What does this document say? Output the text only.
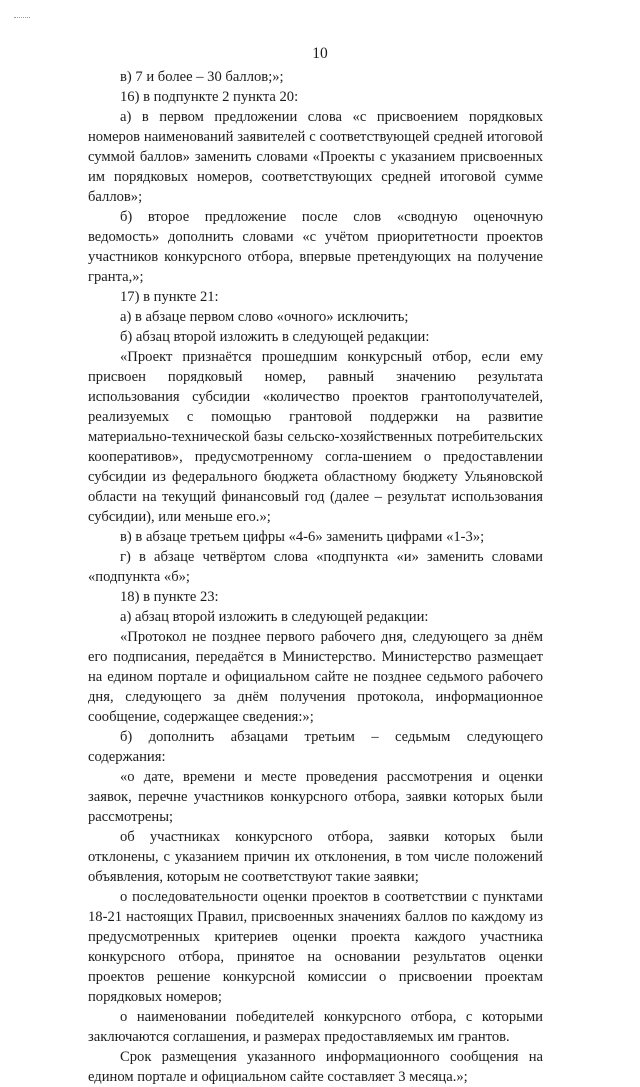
10

в) 7 и более – 30 баллов;»;

16) в подпункте 2 пункта 20:

а) в первом предложении слова «с присвоением порядковых номеров наименований заявителей с соответствующей средней итоговой суммой баллов» заменить словами «Проекты с указанием присвоенных им порядковых номеров, соответствующих средней итоговой сумме баллов»;

б) второе предложение после слов «сводную оценочную ведомость» дополнить словами «с учётом приоритетности проектов участников конкурсного отбора, впервые претендующих на получение гранта,»;

17) в пункте 21:

а) в абзаце первом слово «очного» исключить;

б) абзац второй изложить в следующей редакции:

«Проект признаётся прошедшим конкурсный отбор, если ему присвоен порядковый номер, равный значению результата использования субсидии «количество проектов грантополучателей, реализуемых с помощью грантовой поддержки на развитие материально-технической базы сельско-хозяйственных потребительских кооперативов», предусмотренному согла-шением о предоставлении субсидии из федерального бюджета областному бюджету Ульяновской области на текущий финансовый год (далее – результат использования субсидии), или меньше его.»;

в) в абзаце третьем цифры «4-6» заменить цифрами «1-3»;

г) в абзаце четвёртом слова «подпункта «и» заменить словами «подпункта «б»;

18) в пункте 23:

а) абзац второй изложить в следующей редакции:

«Протокол не позднее первого рабочего дня, следующего за днём его подписания, передаётся в Министерство. Министерство размещает на едином портале и официальном сайте не позднее седьмого рабочего дня, следующего за днём получения протокола, информационное сообщение, содержащее сведения:»;

б) дополнить абзацами третьим – седьмым следующего содержания:

«о дате, времени и месте проведения рассмотрения и оценки заявок, перечне участников конкурсного отбора, заявки которых были рассмотрены;

об участниках конкурсного отбора, заявки которых были отклонены, с указанием причин их отклонения, в том числе положений объявления, которым не соответствуют такие заявки;

о последовательности оценки проектов в соответствии с пунктами 18-21 настоящих Правил, присвоенных значениях баллов по каждому из предусмотренных критериев оценки проекта каждого участника конкурсного отбора, принятое на основании результатов оценки проектов решение конкурсной комиссии о присвоении проектам порядковых номеров;

о наименовании победителей конкурсного отбора, с которыми заключаются соглашения, и размерах предоставляемых им грантов.

Срок размещения указанного информационного сообщения на едином портале и официальном сайте составляет 3 месяца.»;
